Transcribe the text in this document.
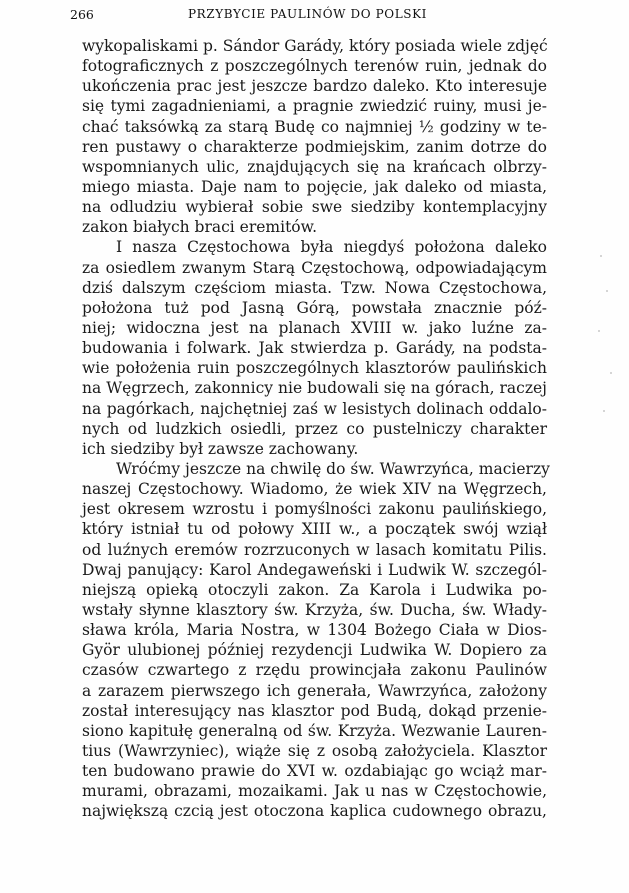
266	PRZYBYCIE PAULINÓW DO POLSKI
wykopaliskami p. Sándor Garády, który posiada wiele zdjęć
fotograficznych z poszczególnych terenów ruin, jednak do
ukończenia prac jest jeszcze bardzo daleko. Kto interesuje
się tymi zagadnieniami, a pragnie zwiedzić ruiny, musi je-
chać taksówką za starą Budę co najmniej ½ godziny w te-
ren pustawy o charakterze podmiejskim, zanim dotrze do
wspomnianych ulic, znajdujących się na krańcach olbrzy-
miego miasta. Daje nam to pojęcie, jak daleko od miasta,
na odludziu wybierał sobie swe siedziby kontemplacyjny
zakon białych braci eremitów.
I nasza Częstochowa była niegdyś położona daleko
za osiedlem zwanym Starą Częstochową, odpowiadającym
dziś dalszym częściom miasta. Tzw. Nowa Częstochowa,
położona tuż pod Jasną Górą, powstała znacznie póź-
niej; widoczna jest na planach XVIII w. jako luźne za-
budowania i folwark. Jak stwierdza p. Garády, na podsta-
wie położenia ruin poszczególnych klasztorów paulińskich
na Węgrzech, zakonnicy nie budowali się na górach, raczej
na pagórkach, najchętniej zaś w lesistych dolinach oddalo-
nych od ludzkich osiedli, przez co pustelniczy charakter
ich siedziby był zawsze zachowany.
Wróćmy jeszcze na chwilę do św. Wawrzyńca, macierzy
naszej Częstochowy. Wiadomo, że wiek XIV na Węgrzech,
jest okresem wzrostu i pomyślności zakonu paulińskiego,
który istniał tu od połowy XIII w., a początek swój wziął
od luźnych eremów rozrzuconych w lasach komitatu Pilis.
Dwaj panujący: Karol Andegaweński i Ludwik W. szczegól-
niejszą opieką otoczyli zakon. Za Karola i Ludwika po-
wstały słynne klasztory św. Krzyża, św. Ducha, św. Włady-
sława króla, Maria Nostra, w 1304 Bożego Ciała w Dios-
Györ ulubionej później rezydencji Ludwika W. Dopiero za
czasów czwartego z rzędu prowincjała zakonu Paulinów
a zarazem pierwszego ich generała, Wawrzyńca, założony
został interesujący nas klasztor pod Budą, dokąd przenie-
siono kapitułę generalną od św. Krzyża. Wezwanie Lauren-
tius (Wawrzyniec), wiąże się z osobą założyciela. Klasztor
ten budowano prawie do XVI w. ozdabiając go wciąż mar-
murami, obrazami, mozaikami. Jak u nas w Częstochowie,
największą czcią jest otoczona kaplica cudownego obrazu,
